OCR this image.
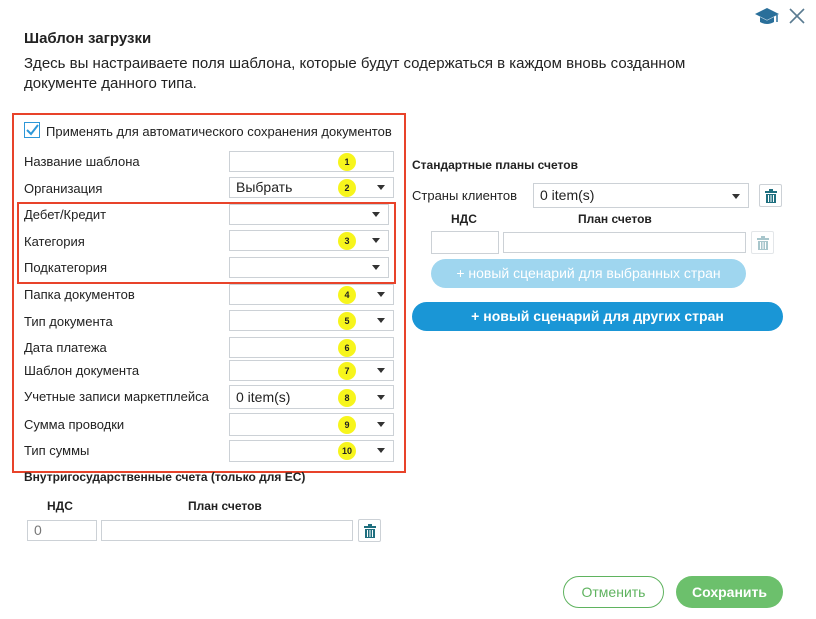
Шаблон загрузки
Здесь вы настраиваете поля шаблона, которые будут содержаться в каждом вновь созданном документе данного типа.
Применять для автоматического сохранения документов
Название шаблона	1
Организация	Выбрать	2
Дебет/Кредит
Категория	3
Подкатегория
Папка документов	4
Тип документа	5
Дата платежа	6
Шаблон документа	7
Учетные записи маркетплейса	0 item(s)	8
Сумма проводки	9
Тип суммы	10
Внутригосударственные счета (только для ЕС)
НДС	План счетов
0
Стандартные планы счетов
Страны клиентов	0 item(s)
НДС	План счетов
+ новый сценарий для выбранных стран
+ новый сценарий для других стран
Отменить	Сохранить
